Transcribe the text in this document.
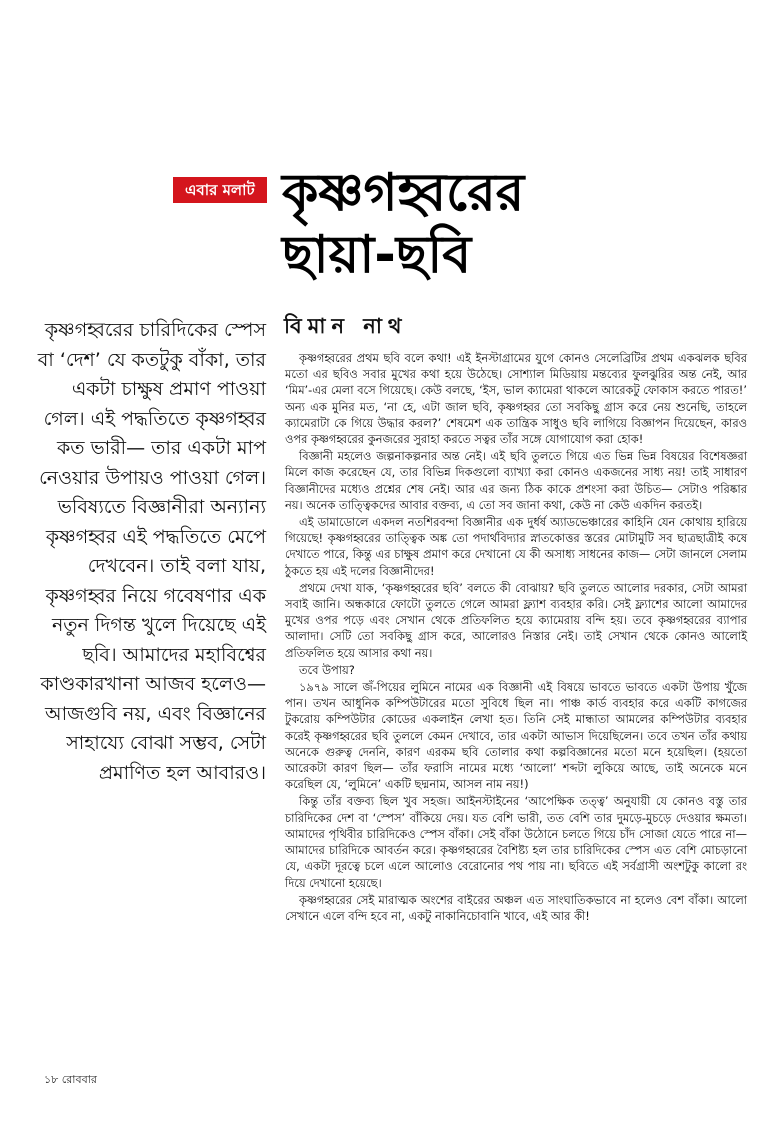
এবার মলাট কৃষ্ণগহ্বরের
ছায়া-ছবি
বিমান নাথ
কৃষ্ণগহ্বরের চারিদিকের স্পেস বা ‘দেশ’ যে কতটুকু বাঁকা, তার একটা চাক্ষুষ প্রমাণ পাওয়া গেল। এই পদ্ধতিতে কৃষ্ণগহ্বর কত ভারী— তার একটা মাপ নেওয়ার উপায়ও পাওয়া গেল। ভবিষ্যতে বিজ্ঞানীরা অন্যান্য কৃষ্ণগহ্বর এই পদ্ধতিতে মেপে দেখবেন। তাই বলা যায়, কৃষ্ণগহ্বর নিয়ে গবেষণার এক নতুন দিগন্ত খুলে দিয়েছে এই ছবি। আমাদের মহাবিশ্বের কাণ্ডকারখানা আজব হলেও— আজগুবি নয়, এবং বিজ্ঞানের সাহায্যে বোঝা সম্ভব, সেটা প্রমাণিত হল আবারও।

কৃষ্ণগহ্বরের প্রথম ছবি বলে কথা! এই ইনস্টাগ্রামের যুগে কোনও সেলেব্রিটির প্রথম একঝলক ছবির মতো এর ছবিও সবার মুখের কথা হয়ে উঠেছে। সোশ্যাল মিডিয়ায় মন্তব্যের ফুলঝুরির অন্ত নেই, আর ‘মিম’-এর মেলা বসে গিয়েছে। কেউ বলছে, ‘ইস, ভাল ক্যামেরা থাকলে আরেকটু ফোকাস করতে পারত!’ অন্য এক মুনির মত, ‘না হে, এটা জাল ছবি, কৃষ্ণগহ্বর তো সবকিছু গ্রাস করে নেয় শুনেছি, তাহলে ক্যামেরাটা কে গিয়ে উদ্ধার করল?’ শেষমেশ এক তান্ত্রিক সাধুও ছবি লাগিয়ে বিজ্ঞাপন দিয়েছেন, কারও ওপর কৃষ্ণগহ্বরের কুনজরের সুরাহা করতে সত্বর তাঁর সঙ্গে যোগাযোগ করা হোক!

বিজ্ঞানী মহলেও জল্পনাকল্পনার অন্ত নেই। এই ছবি তুলতে গিয়ে এত ভিন্ন ভিন্ন বিষয়ের বিশেষজ্ঞরা মিলে কাজ করেছেন যে, তার বিভিন্ন দিকগুলো ব্যাখ্যা করা কোনও একজনের সাধ্য নয়! তাই সাধারণ বিজ্ঞানীদের মধ্যেও প্রশ্নের শেষ নেই। আর এর জন্য ঠিক কাকে প্রশংসা করা উচিত— সেটাও পরিষ্কার নয়। অনেক তাত্ত্বিকদের আবার বক্তব্য, এ তো সব জানা কথা, কেউ না কেউ একদিন করতই।

এই ডামাডোলে একদল নতশিরবন্দা বিজ্ঞানীর এক দুর্ধর্ষ অ্যাডভেঞ্চারের কাহিনি যেন কোথায় হারিয়ে গিয়েছে! কৃষ্ণগহ্বরের তাত্ত্বিক অঙ্ক তো পদার্থবিদ্যার স্নাতকোত্তর স্তরের মোটামুটি সব ছাত্রছাত্রীই কষে দেখাতে পারে, কিন্তু এর চাক্ষুষ প্রমাণ করে দেখানো যে কী অসাধ্য সাধনের কাজ— সেটা জানলে সেলাম ঠুকতে হয় এই দলের বিজ্ঞানীদের!

প্রথমে দেখা যাক, ‘কৃষ্ণগহ্বরের ছবি’ বলতে কী বোঝায়? ছবি তুলতে আলোর দরকার, সেটা আমরা সবাই জানি। অন্ধকারে ফোটো তুলতে গেলে আমরা ফ্ল্যাশ ব্যবহার করি। সেই ফ্ল্যাশের আলো আমাদের মুখের ওপর পড়ে এবং সেখান থেকে প্রতিফলিত হয়ে ক্যামেরায় বন্দি হয়। তবে কৃষ্ণগহ্বরের ব্যাপার আলাদা। সেটি তো সবকিছু গ্রাস করে, আলোরও নিস্তার নেই। তাই সেখান থেকে কোনও আলোই প্রতিফলিত হয়ে আসার কথা নয়।

তবে উপায়?

১৯৭৯ সালে জঁ-পিয়ের লুমিনে নামের এক বিজ্ঞানী এই বিষয়ে ভাবতে ভাবতে একটা উপায় খুঁজে পান। তখন আধুনিক কম্পিউটারের মতো সুবিধে ছিল না। পাঞ্চ কার্ড ব্যবহার করে একটি কাগজের টুকরোয় কম্পিউটার কোডের একলাইন লেখা হত। তিনি সেই মান্ধাতা আমলের কম্পিউটার ব্যবহার করেই কৃষ্ণগহ্বরের ছবি তুললে কেমন দেখাবে, তার একটা আভাস দিয়েছিলেন। তবে তখন তাঁর কথায় অনেকে গুরুত্ব দেননি, কারণ এরকম ছবি তোলার কথা কল্পবিজ্ঞানের মতো মনে হয়েছিল। (হয়তো আরেকটা কারণ ছিল— তাঁর ফরাসি নামের মধ্যে ‘আলো’ শব্দটা লুকিয়ে আছে, তাই অনেকে মনে করেছিল যে, ‘লুমিনে’ একটি ছদ্মনাম, আসল নাম নয়!)

কিন্তু তাঁর বক্তব্য ছিল খুব সহজ। আইনস্টাইনের ‘আপেক্ষিক তত্ত্ব’ অনুযায়ী যে কোনও বস্তু তার চারিদিকের দেশ বা ‘স্পেস’ বাঁকিয়ে দেয়। যত বেশি ভারী, তত বেশি তার দুমড়ে-মুচড়ে দেওয়ার ক্ষমতা। আমাদের পৃথিবীর চারিদিকেও স্পেস বাঁকা। সেই বাঁকা উঠোনে চলতে গিয়ে চাঁদ সোজা যেতে পারে না— আমাদের চারিদিকে আবর্তন করে। কৃষ্ণগহ্বরের বৈশিষ্ট্য হল তার চারিদিকের স্পেস এত বেশি মোচড়ানো যে, একটা দূরত্বে চলে এলে আলোও বেরোনোর পথ পায় না। ছবিতে এই সর্বগ্রাসী অংশটুকু কালো রং দিয়ে দেখানো হয়েছে।

কৃষ্ণগহ্বরের সেই মারাত্মক অংশের বাইরের অঞ্চল এত সাংঘাতিকভাবে না হলেও বেশ বাঁকা। আলো সেখানে এলে বন্দি হবে না, একটু নাকানিচোবানি খাবে, এই আর কী!

১৮ রোববার
